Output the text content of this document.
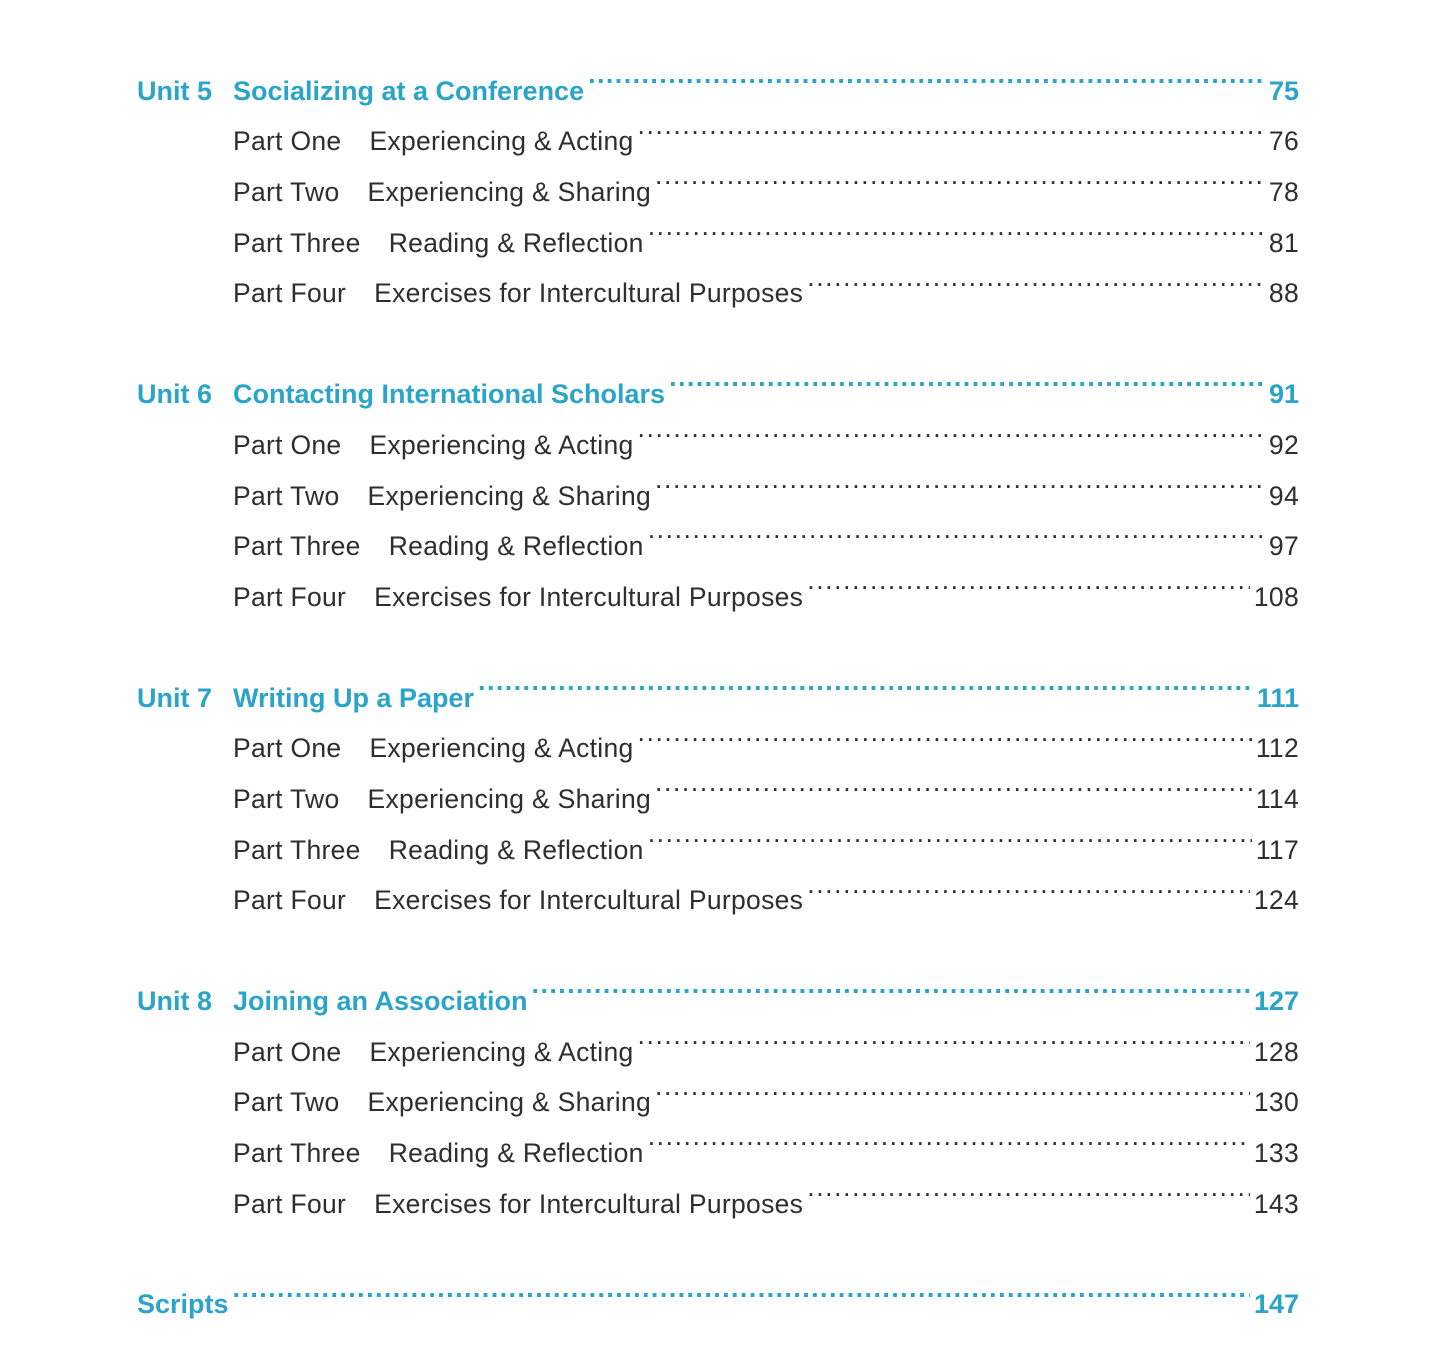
Unit 5 Socializing at a Conference .....	75
Part One Experiencing & Acting .....	76
Part Two Experiencing & Sharing .....	78
Part Three Reading & Reflection .....	81
Part Four Exercises for Intercultural Purposes .....	88
Unit 6 Contacting International Scholars .....	91
Part One Experiencing & Acting .....	92
Part Two Experiencing & Sharing .....	94
Part Three Reading & Reflection .....	97
Part Four Exercises for Intercultural Purposes .....	108
Unit 7 Writing Up a Paper .....	111
Part One Experiencing & Acting .....	112
Part Two Experiencing & Sharing .....	114
Part Three Reading & Reflection .....	117
Part Four Exercises for Intercultural Purposes .....	124
Unit 8 Joining an Association .....	127
Part One Experiencing & Acting .....	128
Part Two Experiencing & Sharing .....	130
Part Three Reading & Reflection .....	133
Part Four Exercises for Intercultural Purposes .....	143
Scripts .....	147
